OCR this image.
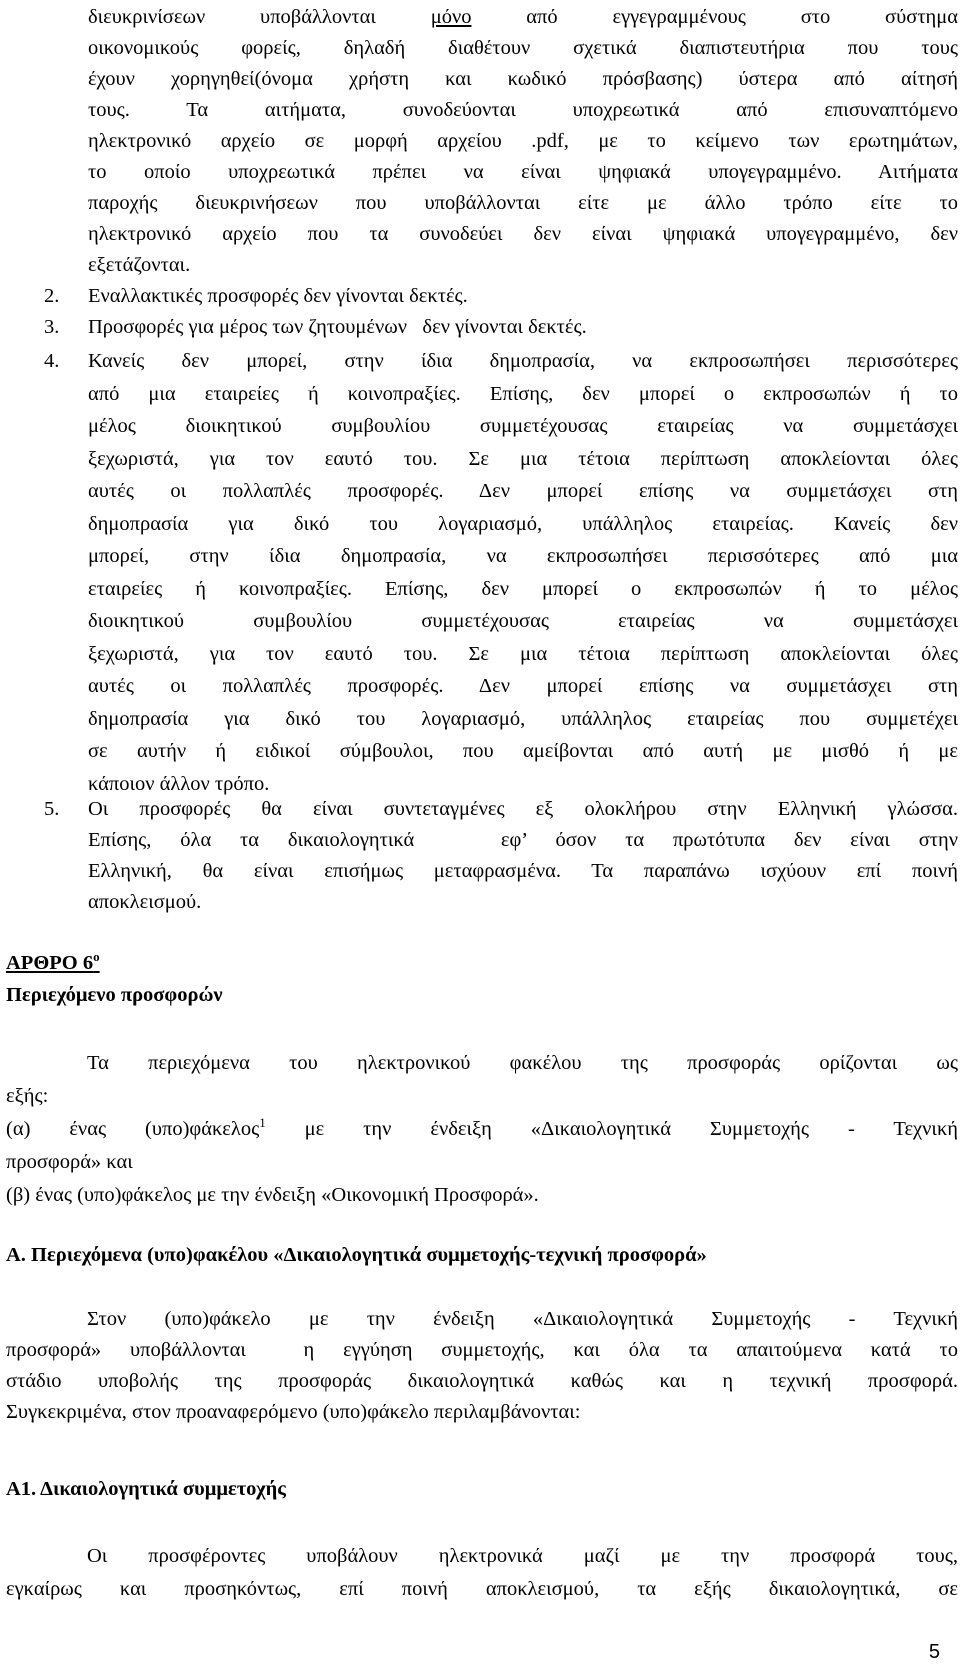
διευκρινίσεων υποβάλλονται μόνο από εγγεγραμμένους στο σύστημα
οικονομικούς φορείς, δηλαδή διαθέτουν σχετικά διαπιστευτήρια που τους
έχουν χορηγηθεί(όνομα χρήστη και κωδικό πρόσβασης) ύστερα από αίτησή
τους. Τα αιτήματα, συνοδεύονται υποχρεωτικά από επισυναπτόμενο
ηλεκτρονικό αρχείο σε μορφή αρχείου .pdf, με το κείμενο των ερωτημάτων,
το οποίο υποχρεωτικά πρέπει να είναι ψηφιακά υπογεγραμμένο. Αιτήματα
παροχής διευκρινήσεων που υποβάλλονται είτε με άλλο τρόπο είτε το
ηλεκτρονικό αρχείο που τα συνοδεύει δεν είναι ψηφιακά υπογεγραμμένο, δεν
εξετάζονται.
2. Εναλλακτικές προσφορές δεν γίνονται δεκτές.
3. Προσφορές για μέρος των ζητουμένων   δεν γίνονται δεκτές.
4. Κανείς δεν μπορεί, στην ίδια δημοπρασία, να εκπροσωπήσει περισσότερες
από μια εταιρείες ή κοινοπραξίες. Επίσης, δεν μπορεί ο εκπροσωπών ή το
μέλος διοικητικού συμβουλίου συμμετέχουσας εταιρείας να συμμετάσχει
ξεχωριστά, για τον εαυτό του. Σε μια τέτοια περίπτωση αποκλείονται όλες
αυτές οι πολλαπλές προσφορές. Δεν μπορεί επίσης να συμμετάσχει στη
δημοπρασία για δικό του λογαριασμό, υπάλληλος εταιρείας. Κανείς δεν
μπορεί, στην ίδια δημοπρασία, να εκπροσωπήσει περισσότερες από μια
εταιρείες ή κοινοπραξίες. Επίσης, δεν μπορεί ο εκπροσωπών ή το μέλος
διοικητικού συμβουλίου συμμετέχουσας εταιρείας να συμμετάσχει
ξεχωριστά, για τον εαυτό του. Σε μια τέτοια περίπτωση αποκλείονται όλες
αυτές οι πολλαπλές προσφορές. Δεν μπορεί επίσης να συμμετάσχει στη
δημοπρασία για δικό του λογαριασμό, υπάλληλος εταιρείας που συμμετέχει
σε αυτήν ή ειδικοί σύμβουλοι, που αμείβονται από αυτή με μισθό ή με
κάποιον άλλον τρόπο.
5. Οι προσφορές θα είναι συντεταγμένες εξ ολοκλήρου στην Ελληνική γλώσσα.
Επίσης, όλα τα δικαιολογητικά   εφ’ όσον τα πρωτότυπα δεν είναι στην
Ελληνική, θα είναι επισήμως μεταφρασμένα. Τα παραπάνω ισχύουν επί ποινή
αποκλεισμού.
ΑΡΘΡΟ $6^o$
Περιεχόμενο προσφορών
Τα περιεχόμενα του ηλεκτρονικού φακέλου της προσφοράς ορίζονται ως
εξής:
(α) ένας (υπο)φάκελος$^1$ με την ένδειξη «Δικαιολογητικά Συμμετοχής - Τεχνική
προσφορά» και
(β) ένας (υπο)φάκελος με την ένδειξη «Οικονομική Προσφορά».
Α. Περιεχόμενα (υπο)φακέλου «Δικαιολογητικά συμμετοχής-τεχνική προσφορά»
Στον (υπο)φάκελο με την ένδειξη «Δικαιολογητικά Συμμετοχής - Τεχνική
προσφορά» υποβάλλονται  η εγγύηση συμμετοχής, και όλα τα απαιτούμενα κατά το
στάδιο υποβολής της προσφοράς δικαιολογητικά καθώς και η τεχνική προσφορά.
Συγκεκριμένα, στον προαναφερόμενο (υπο)φάκελο περιλαμβάνονται:
Α1. Δικαιολογητικά συμμετοχής
Οι προσφέροντες υποβάλουν ηλεκτρονικά μαζί με την προσφορά τους,
εγκαίρως και προσηκόντως, επί ποινή αποκλεισμού, τα εξής δικαιολογητικά, σε
5
